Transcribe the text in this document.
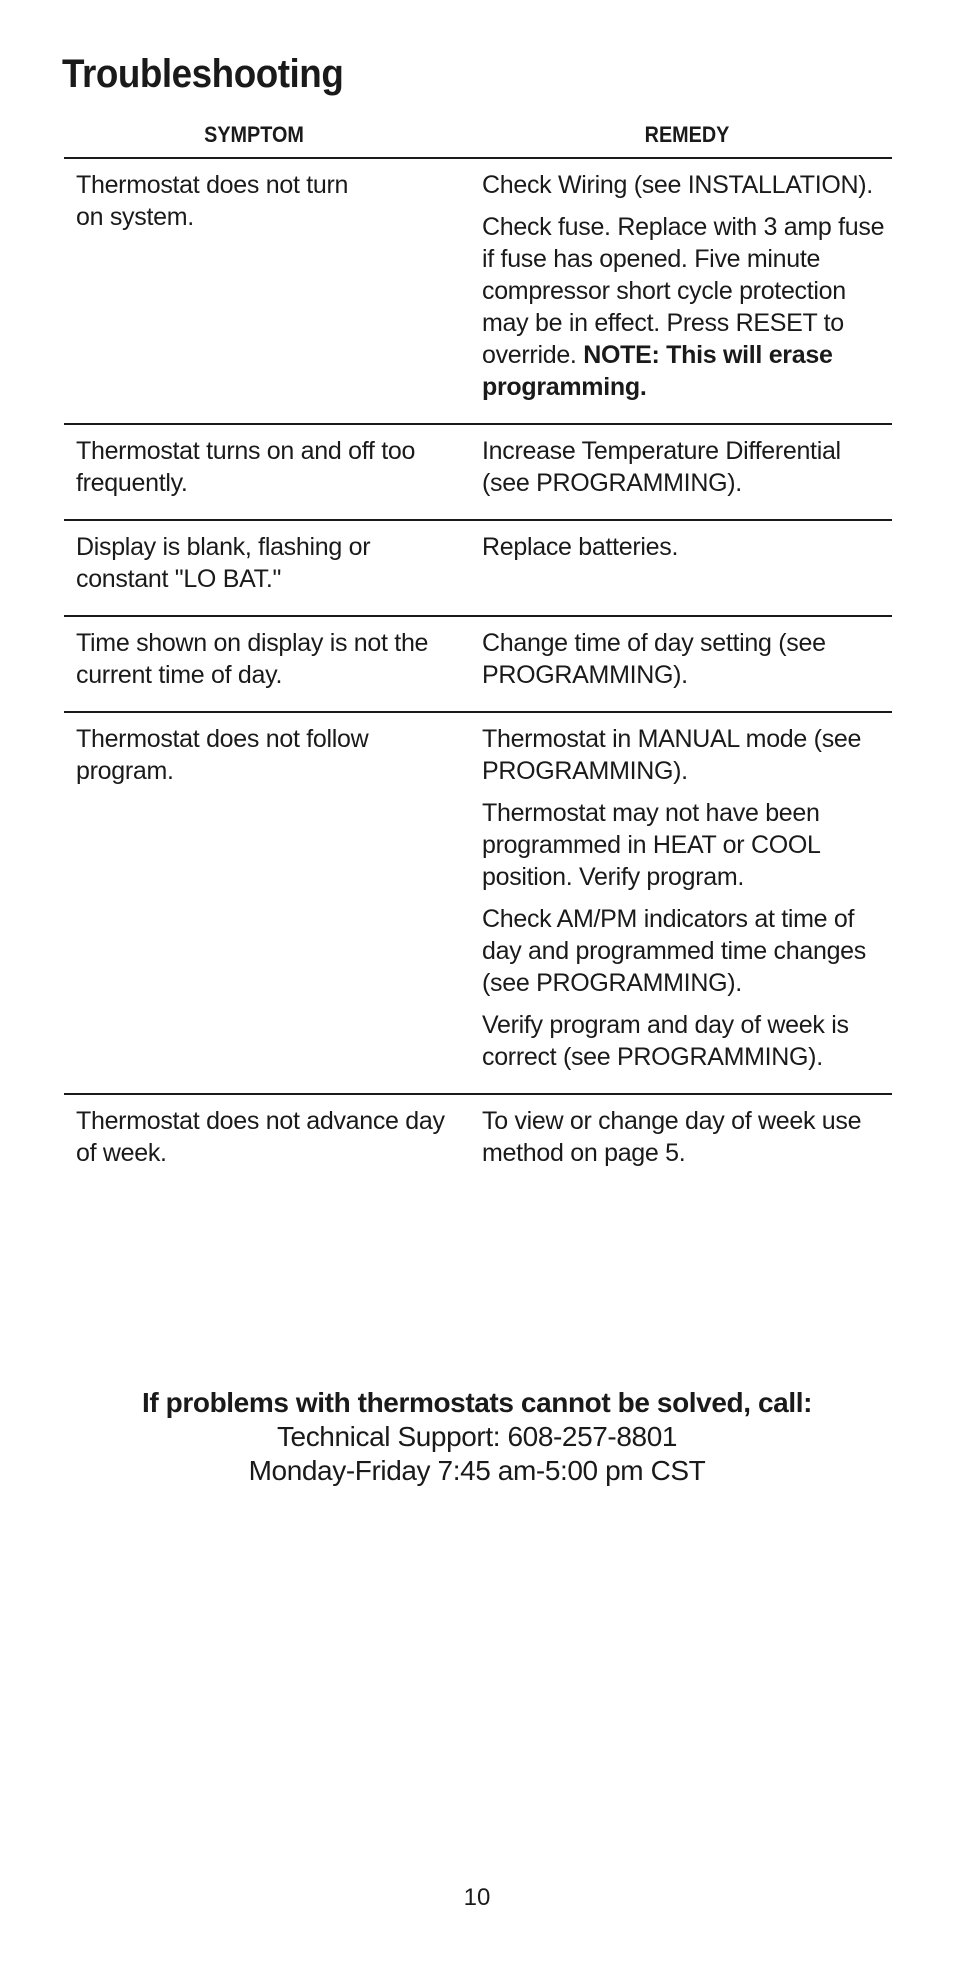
Troubleshooting
SYMPTOM	REMEDY
Thermostat does not turn
on system.
Check Wiring (see INSTALLATION).
Check fuse. Replace with 3 amp fuse if fuse has opened. Five minute compressor short cycle protection may be in effect. Press RESET to override. NOTE: This will erase programming.
Thermostat turns on and off too
frequently.
Increase Temperature Differential (see PROGRAMMING).
Display is blank, flashing or
constant "LO BAT."
Replace batteries.
Time shown on display is not the
current time of day.
Change time of day setting (see PROGRAMMING).
Thermostat does not follow
program.
Thermostat in MANUAL mode (see PROGRAMMING).
Thermostat may not have been programmed in HEAT or COOL position. Verify program.
Check AM/PM indicators at time of day and programmed time changes (see PROGRAMMING).
Verify program and day of week is correct (see PROGRAMMING).
Thermostat does not advance day
of week.
To view or change day of week use method on page 5.
If problems with thermostats cannot be solved, call:
Technical Support: 608-257-8801
Monday-Friday 7:45 am-5:00 pm CST
10
